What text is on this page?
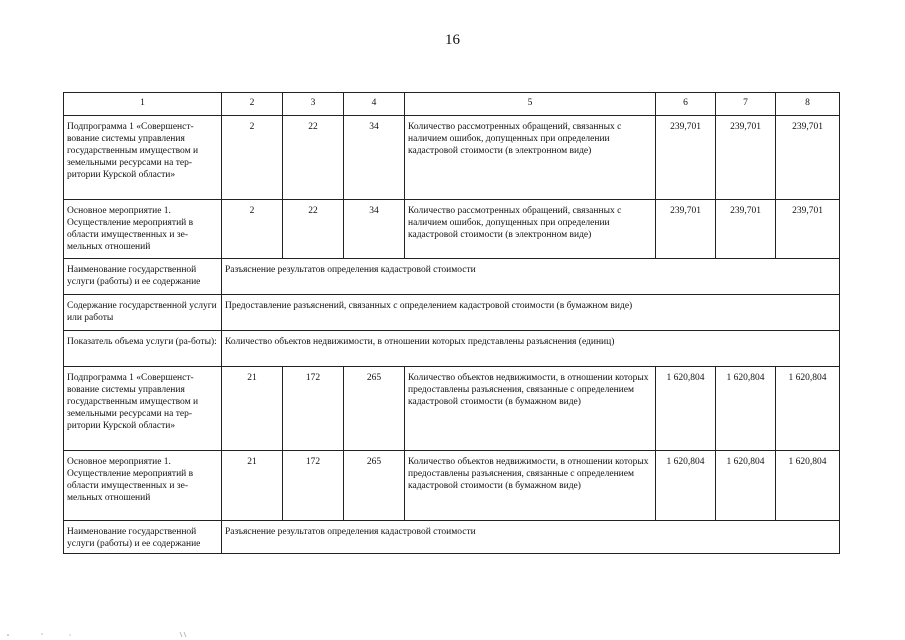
16
1	2	3	4	5	6	7	8
Подпрограмма 1 «Совершенст-вование системы управления государственным имуществом и земельными ресурсами на тер-ритории Курской области»	2	22	34	Количество рассмотренных обращений, связанных с наличием ошибок, допущенных при определении кадастровой стоимости (в электронном виде)	239,701	239,701	239,701
Основное мероприятие 1. Осуществление мероприятий в области имущественных и зе-мельных отношений	2	22	34	Количество рассмотренных обращений, связанных с наличием ошибок, допущенных при определении кадастровой стоимости (в электронном виде)	239,701	239,701	239,701
Наименование государственной услуги (работы) и ее содержание	Разъяснение результатов определения кадастровой стоимости						
Содержание государственной услуги или работы	Предоставление разъяснений, связанных с определением кадастровой стоимости (в бумажном виде)						
Показатель объема услуги (ра-боты):	Количество объектов недвижимости, в отношении которых представлены разъяснения (единиц)						
Подпрограмма 1 «Совершенст-вование системы управления государственным имуществом и земельными ресурсами на тер-ритории Курской области»	21	172	265	Количество объектов недвижимости, в отношении которых предоставлены разъяснения, связанные с определением кадастровой стоимости (в бумажном виде)	1 620,804	1 620,804	1 620,804
Основное мероприятие 1. Осуществление мероприятий в области имущественных и зе-мельных отношений	21	172	265	Количество объектов недвижимости, в отношении которых предоставлены разъяснения, связанные с определением кадастровой стоимости (в бумажном виде)	1 620,804	1 620,804	1 620,804
Наименование государственной услуги (работы) и ее содержание	Разъяснение результатов определения кадастровой стоимости						
